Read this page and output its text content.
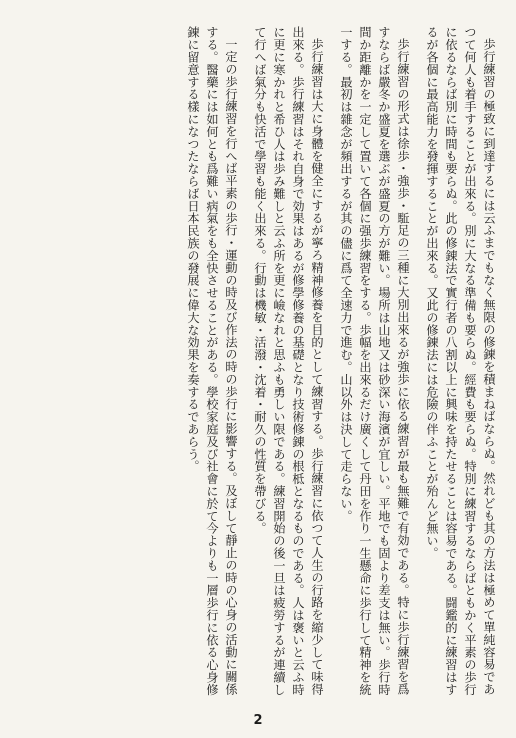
歩行練習の極致に到達するには云ふまでもなく無限の修錬を積まねばならぬ。然れども其の方法は極めて單純容易であつて何人も着手することが出來る。別に大なる準備も要らぬ。經費も要らぬ。特別に練習するならばともかく平素の歩行に依るならば別に時間も要らぬ。此の修錬法で實行者の八割以上に興味を持たせることは容易である。闘鑑的に練習はするが各個に最高能力を發揮することが出來る。又此の修錬法には危險の伴ふことが殆んど無い。

歩行練習の形式は徐歩・強歩・駈足の三種に大別出來るが強歩に依る練習が最も無難で有効である。特に歩行練習を爲すならば嚴冬か盛夏を選ぶが盛夏の方が難い。場所は山地又は砂深い海濱が宜しい。平地でも固より差支は無い。歩行時間か距離かを一定して置いて各個に强歩練習をする。歩幅を出來るだけ廣くして丹田を作り一生懸命に歩行して精神を統一する。最初は雜念が頻出するが其の儘に爲て全速力で進む。山以外は決して走らない。

歩行練習は大に身體を健全にするが寧ろ精神修養を目的として練習する。歩行練習に依つて人生の行路を縮少して味得出來る。歩行練習はそれ自身で効果はあるが修學修養の基礎となり技術修錬の根柢となるものである。人は褒いと云ふ時に更に寒かれと希ひ人は歩み難しと云ふ所を更に嶮なれと思ふも勇しい限である。練習開始の後一旦は疲勞するが連續して行へば氣分も快活で學習も能く出來る。行動は機敏・活潑・沈着・耐久の性質を帶びる。

一定の歩行練習を行へば平素の歩行・運動の時及び作法の時の歩行に影響する。及ぼして靜止の時の心身の活動に關係する。醫藥には如何とも爲難い病氣をも全快させることがある。學校家庭及び社會に於て今よりも一層歩行に依る心身修錬に留意する樣になつたならば日本民族の發展に偉大な効果を奏するであらう。

2
